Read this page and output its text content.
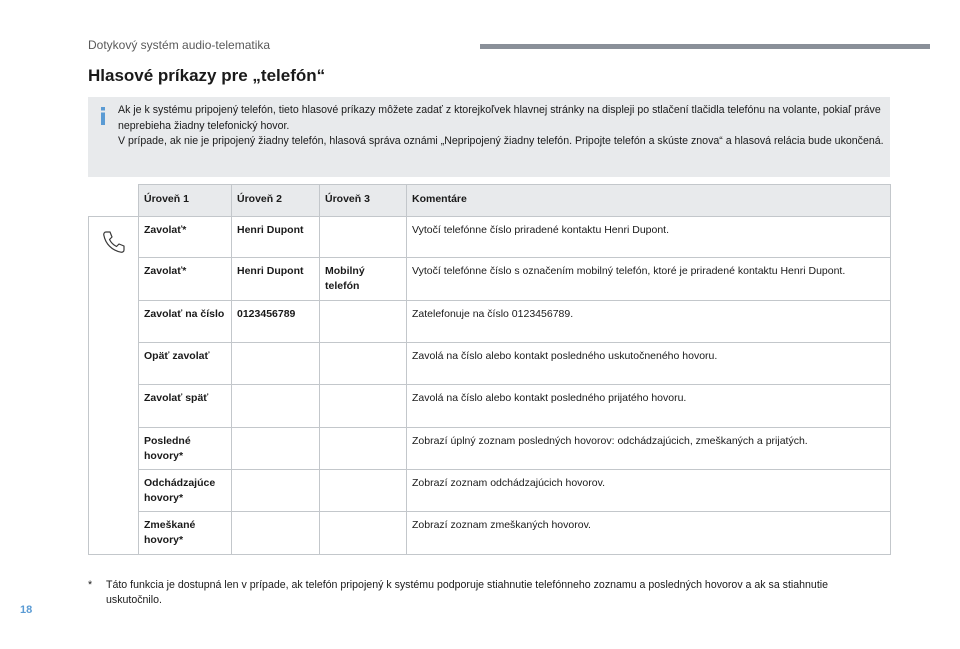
Dotykový systém audio-telematika
Hlasové príkazy pre „telefón“

Ak je k systému pripojený telefón, tieto hlasové príkazy môžete zadať z ktorejkoľvek hlavnej stránky na displeji po stlačení tlačidla telefónu na volante, pokiaľ práve neprebieha žiadny telefonický hovor.

V prípade, ak nie je pripojený žiadny telefón, hlasová správa oznámi „Nepripojený žiadny telefón. Pripojte telefón a skúste znova“ a hlasová relácia bude ukončená.

	Úroveň 1	Úroveň 2	Úroveň 3	Komentáre

	Zavolať*	Henri Dupont		Vytočí telefónne číslo priradené kontaktu Henri Dupont.
	Zavolať*	Henri Dupont	Mobilný telefón	Vytočí telefónne číslo s označením mobilný telefón, ktoré je priradené kontaktu Henri Dupont.
	Zavolať na číslo	0123456789		Zatelefonuje na číslo 0123456789.
	Opäť zavolať			Zavolá na číslo alebo kontakt posledného uskutočneného hovoru.
	Zavolať späť			Zavolá na číslo alebo kontakt posledného prijatého hovoru.
	Posledné hovory*			Zobrazí úplný zoznam posledných hovorov: odchádzajúcich, zmeškaných a prijatých.
	Odchádzajúce hovory*			Zobrazí zoznam odchádzajúcich hovorov.
	Zmeškané hovory*			Zobrazí zoznam zmeškaných hovorov.
* Táto funkcia je dostupná len v prípade, ak telefón pripojený k systému podporuje stiahnutie telefónneho zoznamu a posledných hovorov a ak sa stiahnutie uskutočnilo.
18
